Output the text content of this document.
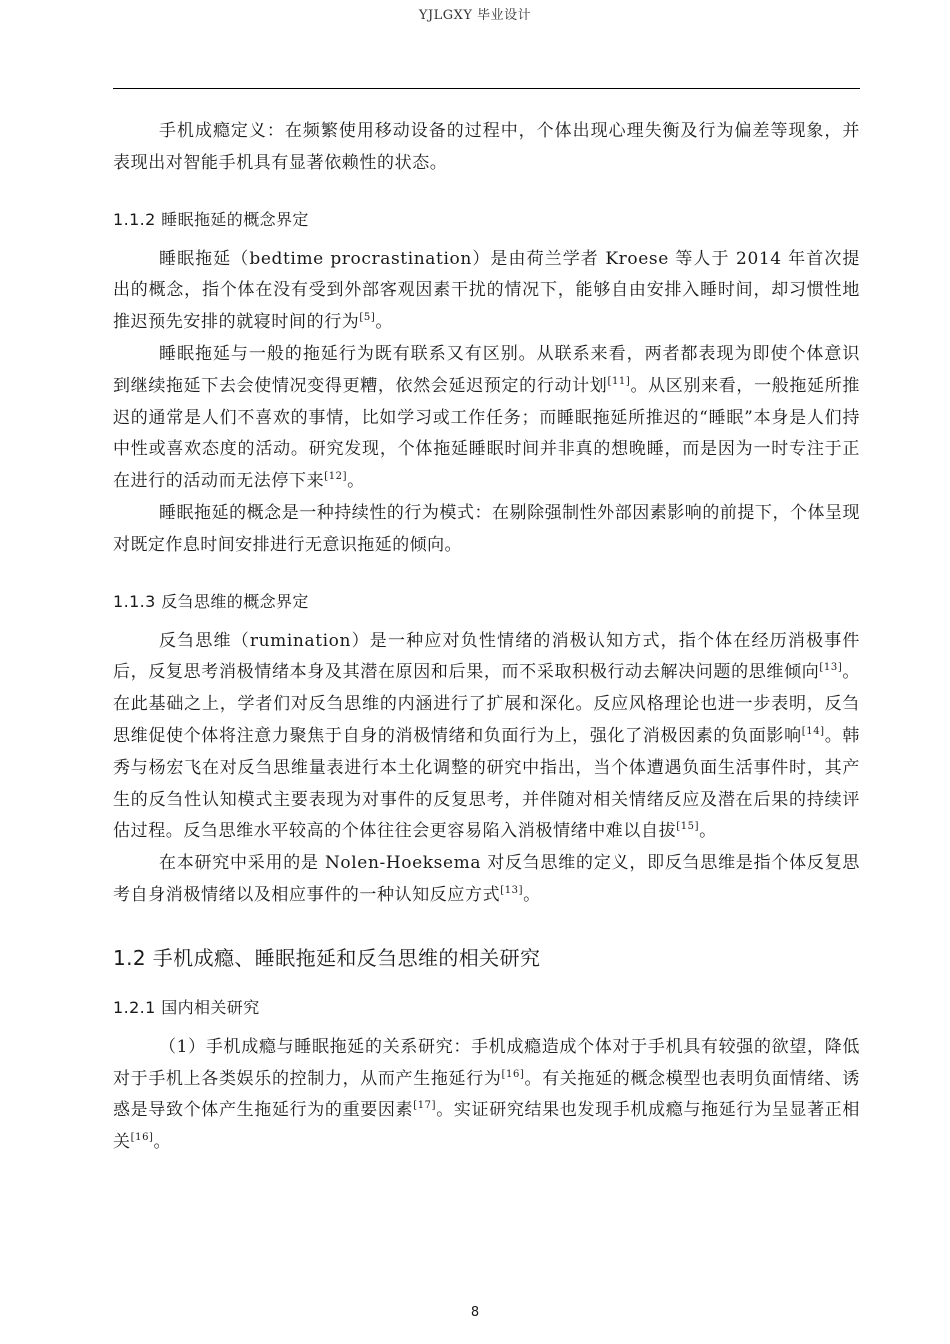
YJLGXY 毕业设计

手机成瘾定义：在频繁使用移动设备的过程中，个体出现心理失衡及行为偏差等现象，并表现出对智能手机具有显著依赖性的状态。

1.1.2 睡眠拖延的概念界定

睡眠拖延（bedtime procrastination）是由荷兰学者 Kroese 等人于 2014 年首次提出的概念，指个体在没有受到外部客观因素干扰的情况下，能够自由安排入睡时间，却习惯性地推迟预先安排的就寝时间的行为[5]。

睡眠拖延与一般的拖延行为既有联系又有区别。从联系来看，两者都表现为即使个体意识到继续拖延下去会使情况变得更糟，依然会延迟预定的行动计划[11]。从区别来看，一般拖延所推迟的通常是人们不喜欢的事情，比如学习或工作任务；而睡眠拖延所推迟的“睡眠”本身是人们持中性或喜欢态度的活动。研究发现，个体拖延睡眠时间并非真的想晚睡，而是因为一时专注于正在进行的活动而无法停下来[12]。

睡眠拖延的概念是一种持续性的行为模式：在剔除强制性外部因素影响的前提下，个体呈现对既定作息时间安排进行无意识拖延的倾向。

1.1.3 反刍思维的概念界定

反刍思维（rumination）是一种应对负性情绪的消极认知方式，指个体在经历消极事件后，反复思考消极情绪本身及其潜在原因和后果，而不采取积极行动去解决问题的思维倾向[13]。在此基础之上，学者们对反刍思维的内涵进行了扩展和深化。反应风格理论也进一步表明，反刍思维促使个体将注意力聚焦于自身的消极情绪和负面行为上，强化了消极因素的负面影响[14]。韩秀与杨宏飞在对反刍思维量表进行本土化调整的研究中指出，当个体遭遇负面生活事件时，其产生的反刍性认知模式主要表现为对事件的反复思考，并伴随对相关情绪反应及潜在后果的持续评估过程。反刍思维水平较高的个体往往会更容易陷入消极情绪中难以自拔[15]。

在本研究中采用的是 Nolen-Hoeksema 对反刍思维的定义，即反刍思维是指个体反复思考自身消极情绪以及相应事件的一种认知反应方式[13]。

1.2 手机成瘾、睡眠拖延和反刍思维的相关研究
1.2.1 国内相关研究

（1）手机成瘾与睡眠拖延的关系研究：手机成瘾造成个体对于手机具有较强的欲望，降低对于手机上各类娱乐的控制力，从而产生拖延行为[16]。有关拖延的概念模型也表明负面情绪、诱惑是导致个体产生拖延行为的重要因素[17]。实证研究结果也发现手机成瘾与拖延行为呈显著正相关[16]。

8
